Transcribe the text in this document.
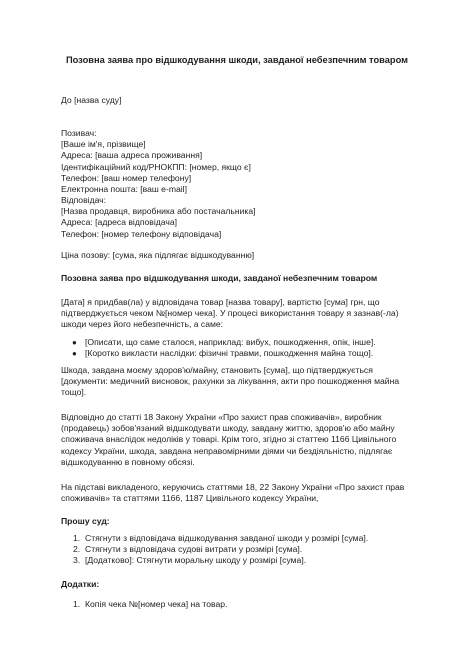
Позовна заява про відшкодування шкоди, завданої небезпечним товаром
До [назва суду]
Позивач:
[Ваше ім'я, прізвище]
Адреса: [ваша адреса проживання]
Ідентифікаційний код/РНОКПП: [номер, якщо є]
Телефон: [ваш номер телефону]
Електронна пошта: [ваш e-mail]
Відповідач:
[Назва продавця, виробника або постачальника]
Адреса: [адреса відповідача]
Телефон: [номер телефону відповідача]
Ціна позову: [сума, яка підлягає відшкодуванню]
Позовна заява про відшкодування шкоди, завданої небезпечним товаром

[Дата] я придбав(ла) у відповідача товар [назва товару], вартістю [сума] грн, що підтверджується чеком №[номер чека]. У процесі використання товару я зазнав(-ла) шкоди через його небезпечність, а саме:

● [Описати, що саме сталося, наприклад: вибух, пошкодження, опік, інше].
● [Коротко викласти наслідки: фізичні травми, пошкодження майна тощо].

Шкода, завдана моєму здоров'ю/майну, становить [сума], що підтверджується [документи: медичний висновок, рахунки за лікування, акти про пошкодження майна тощо].

Відповідно до статті 18 Закону України «Про захист прав споживачів», виробник (продавець) зобов'язаний відшкодувати шкоду, завдану життю, здоров'ю або майну споживача внаслідок недоліків у товарі. Крім того, згідно зі статтею 1166 Цивільного кодексу України, шкода, завдана неправомірними діями чи бездіяльністю, підлягає відшкодуванню в повному обсязі.

На підставі викладеного, керуючись статтями 18, 22 Закону України «Про захист прав споживачів» та статтями 1166, 1187 Цивільного кодексу України,

Прошу суд:
1. Стягнути з відповідача відшкодування завданої шкоди у розмірі [сума].
2. Стягнути з відповідача судові витрати у розмірі [сума].
3. [Додатково]: Стягнути моральну шкоду у розмірі [сума].
Додатки:
1. Копія чека №[номер чека] на товар.
